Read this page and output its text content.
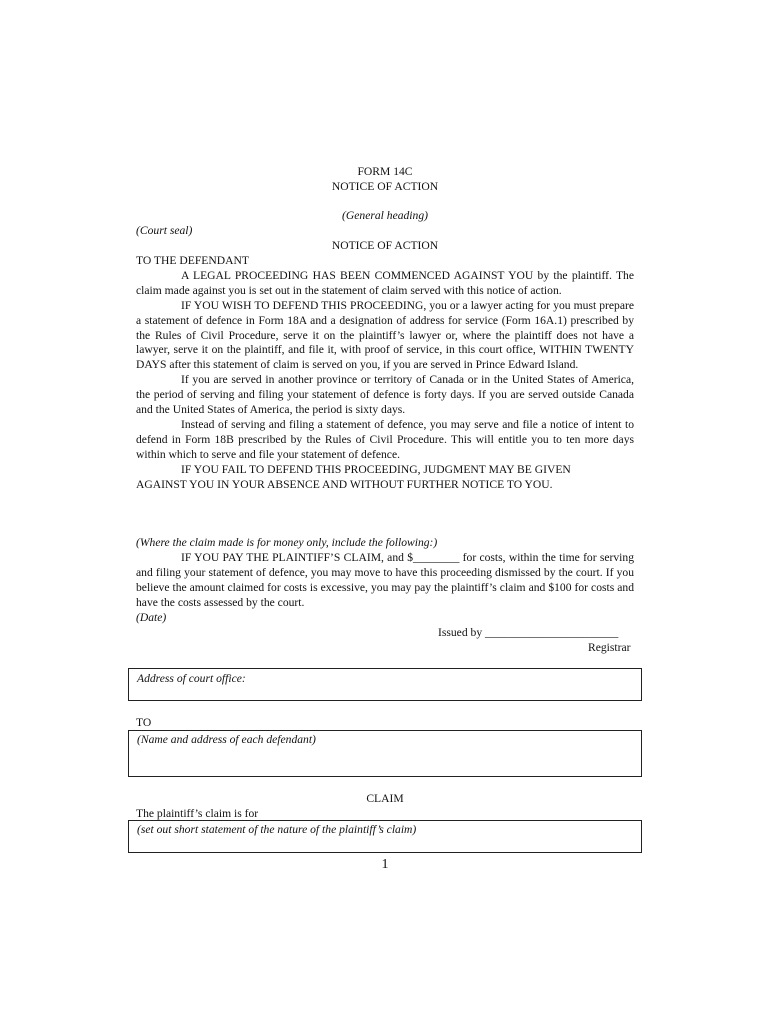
FORM 14C
NOTICE OF ACTION
(General heading)
(Court seal)
NOTICE OF ACTION

TO THE DEFENDANT

A LEGAL PROCEEDING HAS BEEN COMMENCED AGAINST YOU by the plaintiff. The claim made against you is set out in the statement of claim served with this notice of action.

IF YOU WISH TO DEFEND THIS PROCEEDING, you or a lawyer acting for you must prepare a statement of defence in Form 18A and a designation of address for service (Form 16A.1) prescribed by the Rules of Civil Procedure, serve it on the plaintiff’s lawyer or, where the plaintiff does not have a lawyer, serve it on the plaintiff, and file it, with proof of service, in this court office, WITHIN TWENTY DAYS after this statement of claim is served on you, if you are served in Prince Edward Island.

If you are served in another province or territory of Canada or in the United States of America, the period of serving and filing your statement of defence is forty days. If you are served outside Canada and the United States of America, the period is sixty days.

Instead of serving and filing a statement of defence, you may serve and file a notice of intent to defend in Form 18B prescribed by the Rules of Civil Procedure. This will entitle you to ten more days within which to serve and file your statement of defence.

IF YOU FAIL TO DEFEND THIS PROCEEDING, JUDGMENT MAY BE GIVEN

AGAINST YOU IN YOUR ABSENCE AND WITHOUT FURTHER NOTICE TO YOU.

(Where the claim made is for money only, include the following:)

IF YOU PAY THE PLAINTIFF’S CLAIM, and $________ for costs, within the time for serving and filing your statement of defence, you may move to have this proceeding dismissed by the court. If you believe the amount claimed for costs is excessive, you may pay the plaintiff’s claim and $100 for costs and have the costs assessed by the court.

(Date)

Issued by _______________________
Registrar
Address of court office:
TO
(Name and address of each defendant)
CLAIM
The plaintiff’s claim is for
(set out short statement of the nature of the plaintiff’s claim)
1
